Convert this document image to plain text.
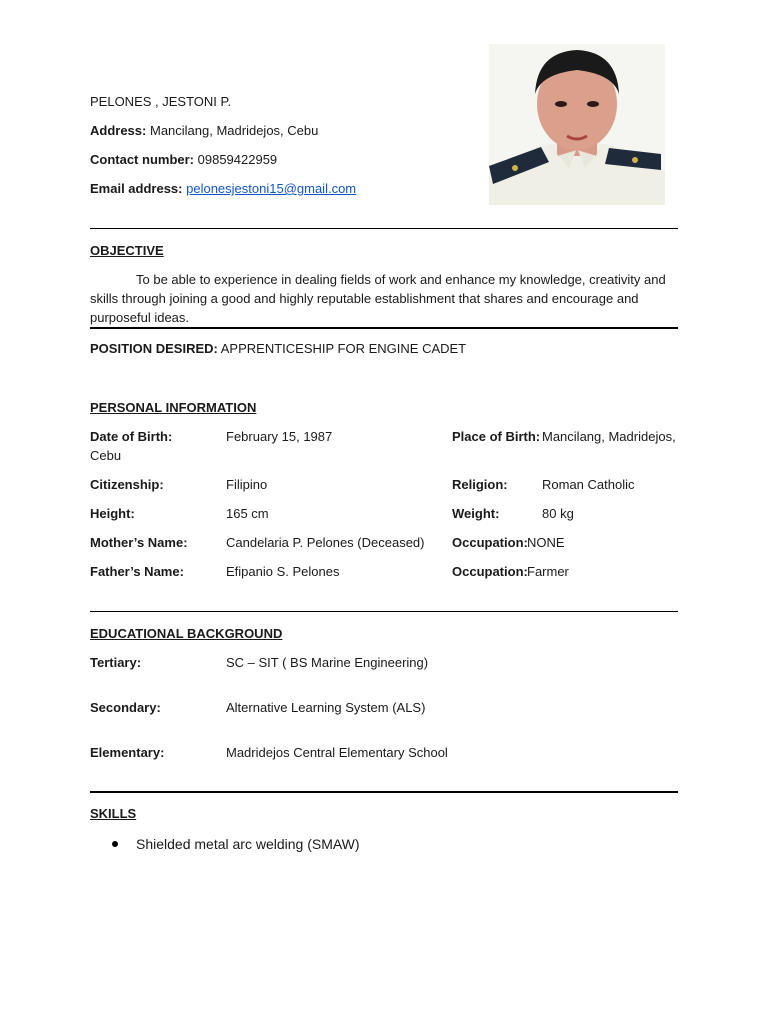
PELONES , JESTONI P.
Address: Mancilang, Madridejos, Cebu
Contact number: 09859422959
Email address: pelonesjestoni15@gmail.com
OBJECTIVE
To be able to experience in dealing fields of work and enhance my knowledge, creativity and
skills through joining a good and highly reputable establishment that shares and encourage and
purposeful ideas.
POSITION DESIRED: APPRENTICESHIP FOR ENGINE CADET
PERSONAL INFORMATION
Date of Birth:	February 15, 1987	Place of Birth: Mancilang, Madridejos,
Cebu
Citizenship:	Filipino	Religion:	Roman Catholic
Height:	165 cm	Weight:	80 kg
Mother’s Name:	Candelaria P. Pelones (Deceased) Occupation: NONE
Father’s Name:	Efipanio S. Pelones	Occupation: Farmer
EDUCATIONAL BACKGROUND
Tertiary:	SC – SIT ( BS Marine Engineering)
Secondary:	Alternative Learning System (ALS)
Elementary:	Madridejos Central Elementary School
SKILLS
Shielded metal arc welding (SMAW)
